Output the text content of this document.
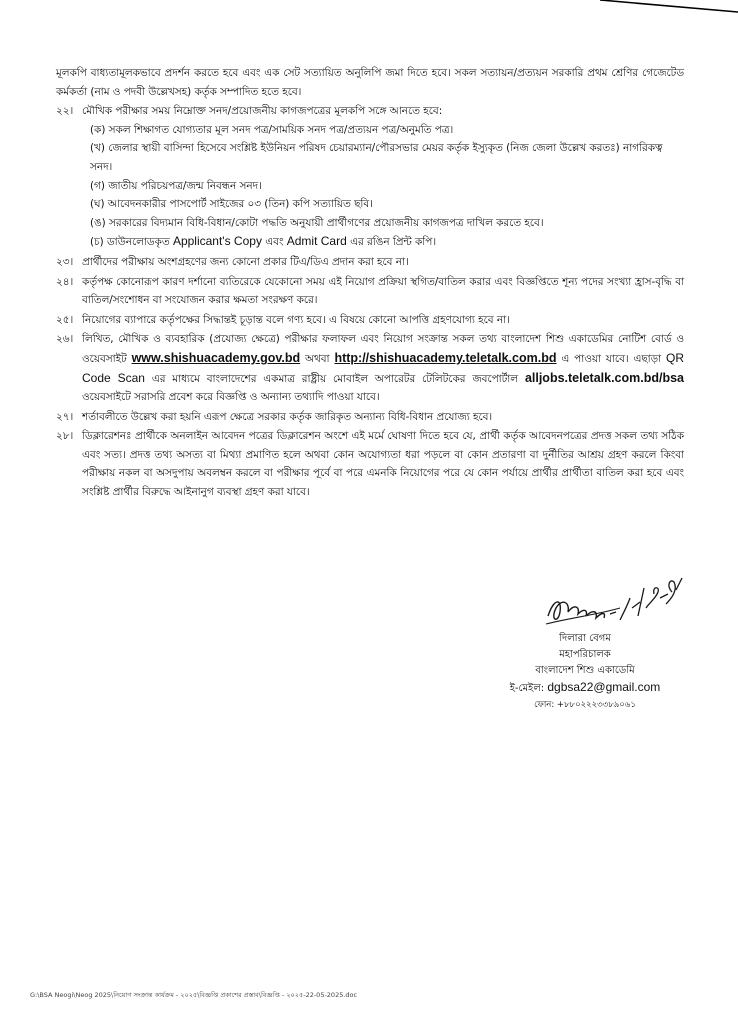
মূলকপি বাধ্যতামূলকভাবে প্রদর্শন করতে হবে এবং এক সেট সত্যায়িত অনুলিপি জমা দিতে হবে। সকল সত্যায়ন/প্রত্যয়ন সরকারি প্রথম শ্রেণির গেজেটেড কর্মকর্তা (নাম ও পদবী উল্লেখসহ) কর্তৃক সম্পাদিত হতে হবে।

২২। মৌখিক পরীক্ষার সময় নিম্নোক্ত সনদ/প্রয়োজনীয় কাগজপত্রের মূলকপি সঙ্গে আনতে হবে:

(ক) সকল শিক্ষাগত যোগ্যতার মূল সনদ পত্র/সাময়িক সনদ পত্র/প্রত্যয়ন পত্র/অনুমতি পত্র।

(খ) জেলার স্থায়ী বাসিন্দা হিসেবে সংশ্লিষ্ট ইউনিয়ন পরিষদ চেয়ারম্যান/পৌরসভার মেয়র কর্তৃক ইস্যুকৃত (নিজ জেলা উল্লেখ করতঃ) নাগরিকত্ব সনদ।

(গ) জাতীয় পরিচয়পত্র/জন্ম নিবন্ধন সনদ।

(ঘ) আবেদনকারীর পাসপোর্ট সাইজের ০৩ (তিন) কপি সত্যায়িত ছবি।

(ঙ) সরকারের বিদ্যমান বিধি-বিধান/কোটা পদ্ধতি অনুযায়ী প্রার্থীগণের প্রয়োজনীয় কাগজপত্র দাখিল করতে হবে।

(চ) ডাউনলোডকৃত Applicant's Copy এবং Admit Card এর রঙিন প্রিন্ট কপি।

২৩। প্রার্থীদের পরীক্ষায় অংশগ্রহণের জন্য কোনো প্রকার টিএ/ডিএ প্রদান করা হবে না।
২৪। কর্তৃপক্ষ কোনোরূপ কারণ দর্শানো ব্যতিরেকে যেকোনো সময় এই নিয়োগ প্রক্রিয়া স্থগিত/বাতিল করার এবং বিজ্ঞপ্তিতে শূন্য পদের সংখ্যা হ্রাস-বৃদ্ধি বা বাতিল/সংশোধন বা সংযোজন করার ক্ষমতা সংরক্ষণ করে।
২৫। নিয়োগের ব্যাপারে কর্তৃপক্ষের সিদ্ধান্তই চূড়ান্ত বলে গণ্য হবে। এ বিষয়ে কোনো আপত্তি গ্রহণযোগ্য হবে না।
২৬। লিখিত, মৌখিক ও ব্যবহারিক (প্রযোজ্য ক্ষেত্রে) পরীক্ষার ফলাফল এবং নিয়োগ সংক্রান্ত সকল তথ্য বাংলাদেশ শিশু একাডেমির নোটিশ বোর্ড ও ওয়েবসাইট www.shishuacademy.gov.bd অথবা http://shishuacademy.teletalk.com.bd এ পাওয়া যাবে। এছাড়া QR Code Scan এর মাধ্যমে বাংলাদেশের একমাত্র রাষ্ট্রীয় মোবাইল অপারেটর টেলিটকের জবপোর্টাল alljobs.teletalk.com.bd/bsa ওয়েবসাইটে সরাসরি প্রবেশ করে বিজ্ঞপ্তি ও অন্যান্য তথ্যাদি পাওয়া যাবে।
২৭। শর্তাবলীতে উল্লেখ করা হয়নি এরূপ ক্ষেত্রে সরকার কর্তৃক জারিকৃত অন্যান্য বিধি-বিধান প্রযোজ্য হবে।
২৮। ডিক্লারেশনঃ প্রার্থীকে অনলাইন আবেদন পত্রের ডিক্লারেশন অংশে এই মর্মে ঘোষণা দিতে হবে যে, প্রার্থী কর্তৃক আবেদনপত্রের প্রদত্ত সকল তথ্য সঠিক এবং সত্য। প্রদত্ত তথ্য অসত্য বা মিথ্যা প্রমাণিত হলে অথবা কোন অযোগ্যতা ধরা পড়লে বা কোন প্রতারণা বা দুর্নীতির আশ্রয় গ্রহণ করলে কিংবা পরীক্ষায় নকল বা অসদুপায় অবলম্বন করলে বা পরীক্ষার পূর্বে বা পরে এমনকি নিয়োগের পরে যে কোন পর্যায়ে প্রার্থীর প্রার্থীতা বাতিল করা হবে এবং সংশ্লিষ্ট প্রার্থীর বিরুদ্ধে আইনানুগ ব্যবস্থা গ্রহণ করা যাবে।
দিলারা বেগম
মহাপরিচালক
বাংলাদেশ শিশু একাডেমি
ই-মেইল: dgbsa22@gmail.com
ফোন: +৮৮০২২২৩৩৮৯০৬১
G:\BSA Neogi\Neog 2025\নিয়োগ সংক্রান্ত কার্যক্রম - ২০২৫\বিজ্ঞপ্তি প্রকাশের প্রস্তাব\বিজ্ঞপ্তি - ২০২৫-22-05-2025.doc
